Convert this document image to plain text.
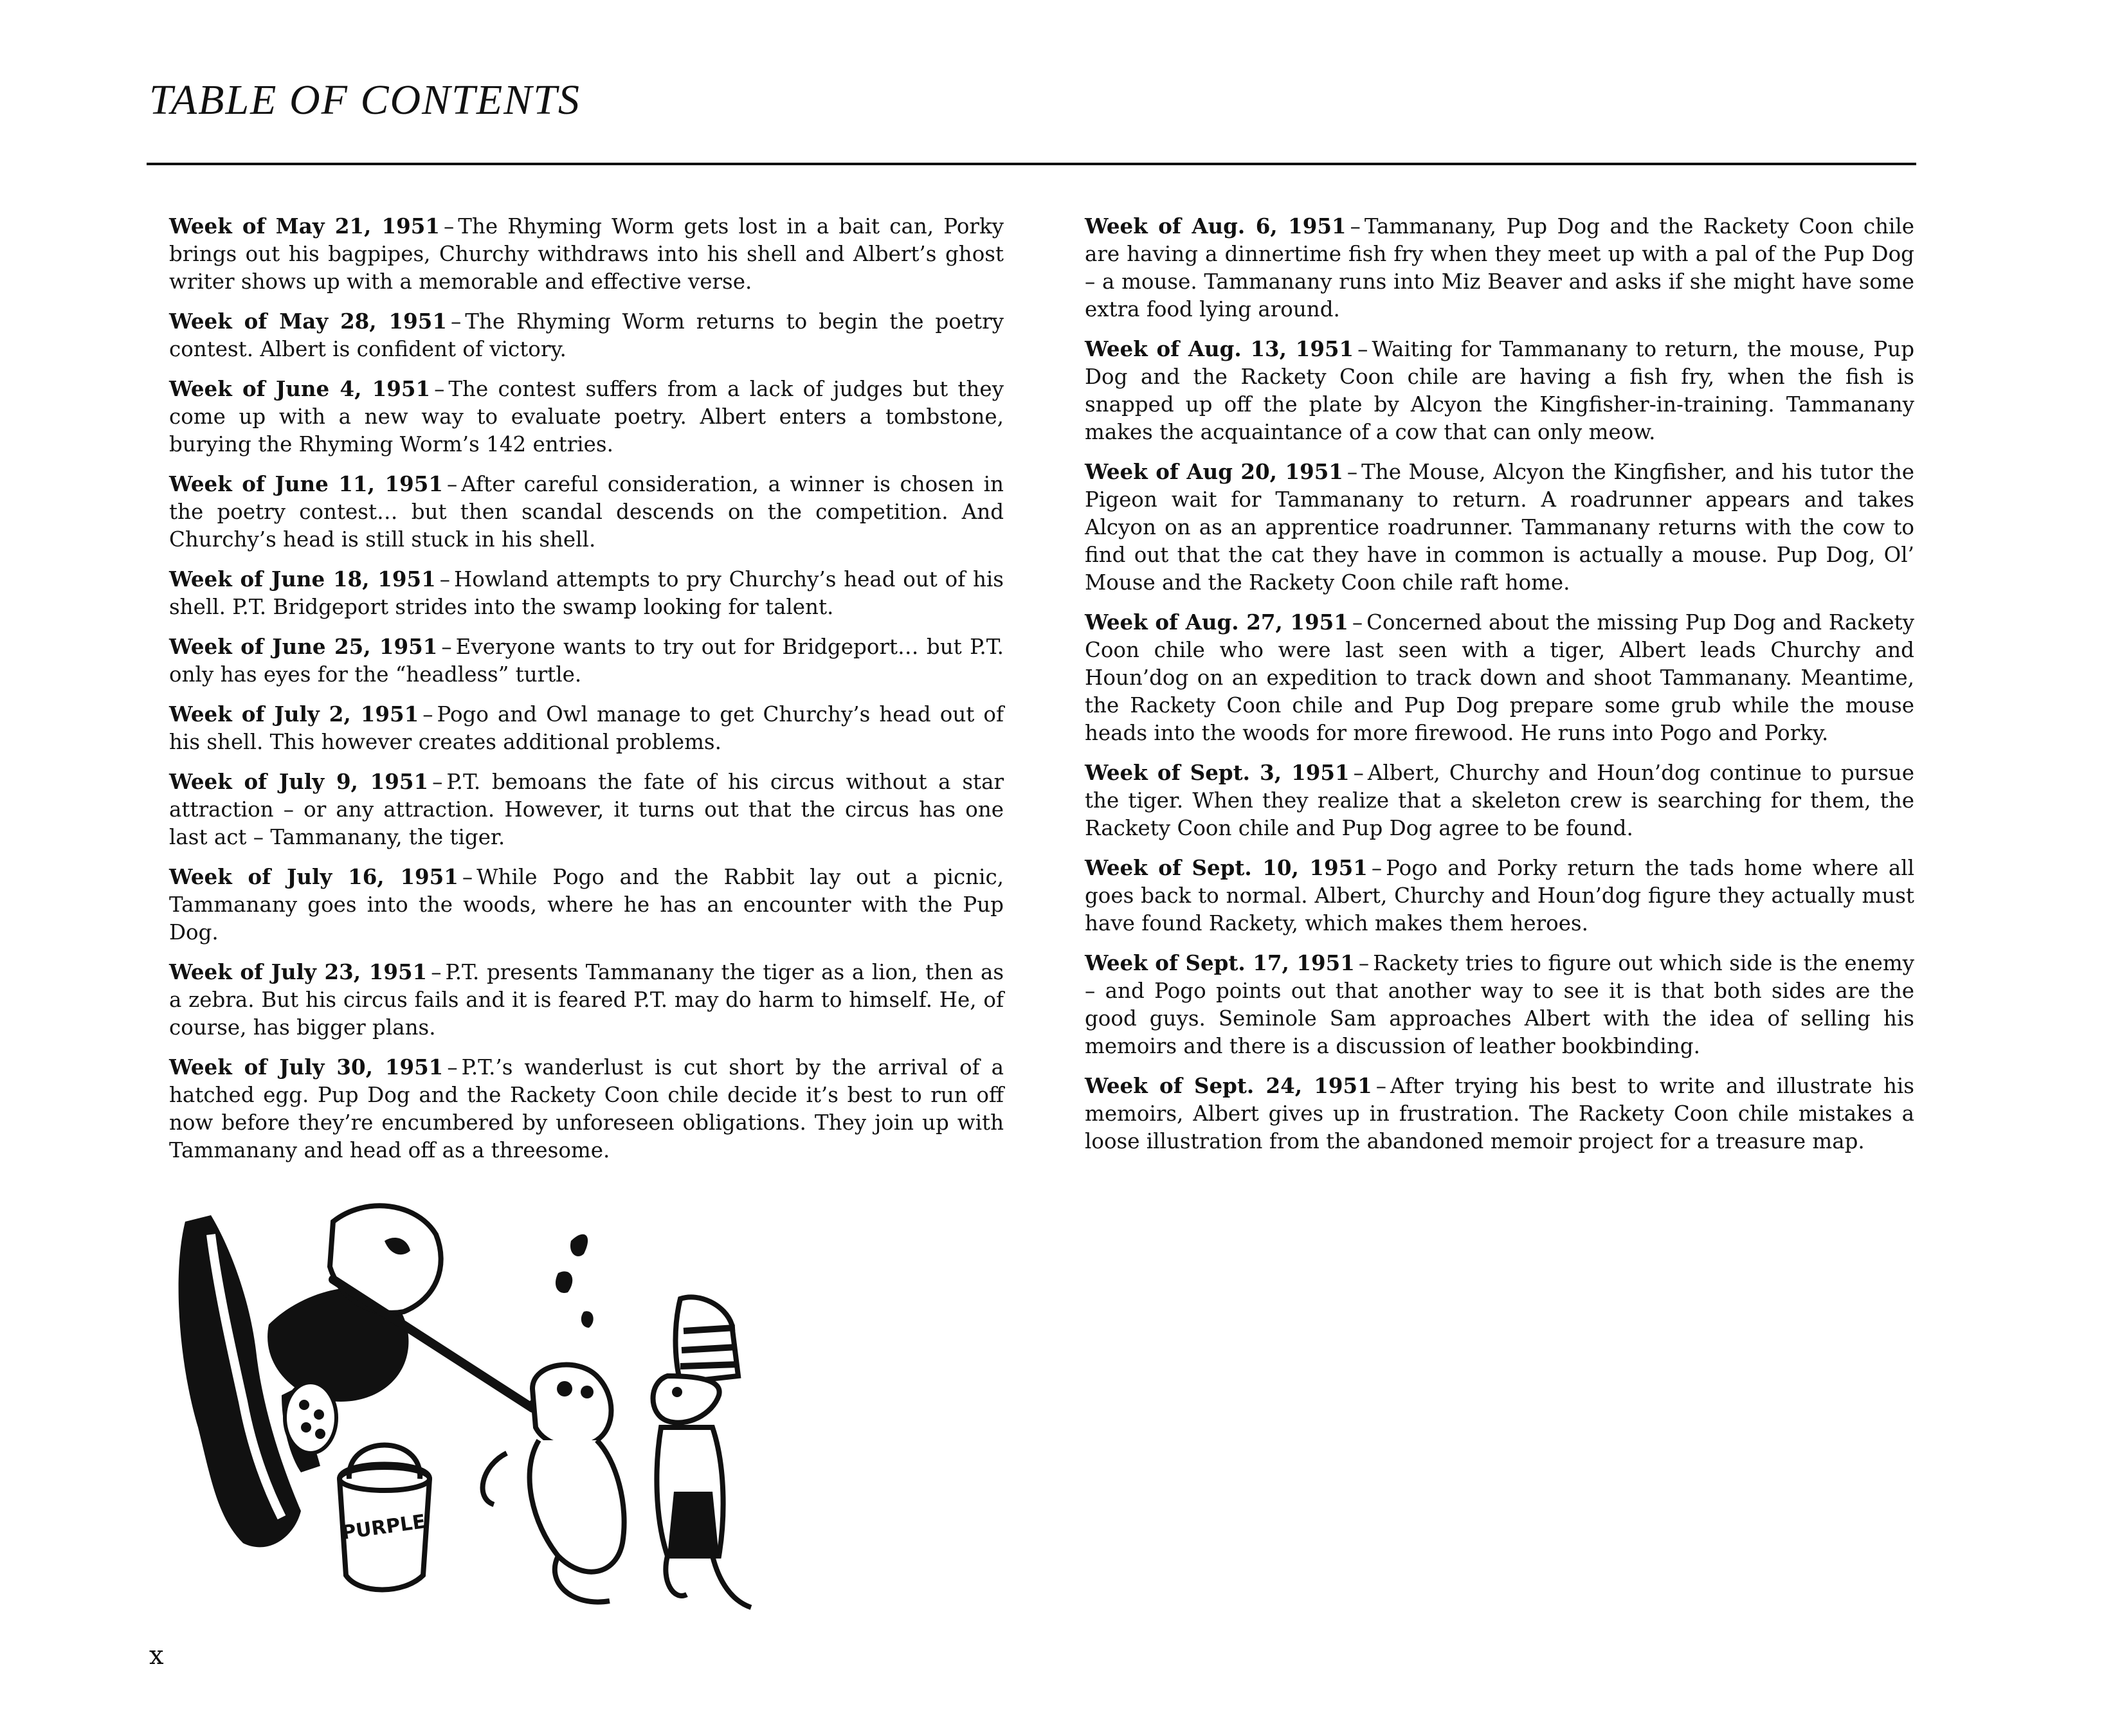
TABLE OF CONTENTS

Week of May 21, 1951 – The Rhyming Worm gets lost in a bait can, Porky brings out his bagpipes, Churchy withdraws into his shell and Albert’s ghost writer shows up with a memorable and effective verse.

Week of May 28, 1951 – The Rhyming Worm returns to begin the poetry contest. Albert is confident of victory.

Week of June 4, 1951 – The contest suffers from a lack of judges but they come up with a new way to evaluate poetry. Albert enters a tombstone, burying the Rhyming Worm’s 142 entries.

Week of June 11, 1951 – After careful consideration, a winner is chosen in the poetry contest… but then scandal descends on the competition. And Churchy’s head is still stuck in his shell.

Week of June 18, 1951 – Howland attempts to pry Churchy’s head out of his shell. P.T. Bridgeport strides into the swamp looking for talent.

Week of June 25, 1951 – Everyone wants to try out for Bridgeport… but P.T. only has eyes for the “headless” turtle.

Week of July 2, 1951 – Pogo and Owl manage to get Churchy’s head out of his shell. This however creates additional problems.

Week of July 9, 1951 – P.T. bemoans the fate of his circus without a star attraction – or any attraction. However, it turns out that the circus has one last act – Tammanany, the tiger.

Week of July 16, 1951 – While Pogo and the Rabbit lay out a picnic, Tammanany goes into the woods, where he has an encounter with the Pup Dog.

Week of July 23, 1951 – P.T. presents Tammanany the tiger as a lion, then as a zebra. But his circus fails and it is feared P.T. may do harm to himself. He, of course, has bigger plans.

Week of July 30, 1951 – P.T.’s wanderlust is cut short by the arrival of a hatched egg. Pup Dog and the Rackety Coon chile decide it’s best to run off now before they’re encumbered by unforeseen obligations. They join up with Tammanany and head off as a threesome.

Week of Aug. 6, 1951 – Tammanany, Pup Dog and the Rackety Coon chile are having a dinnertime fish fry when they meet up with a pal of the Pup Dog – a mouse. Tammanany runs into Miz Beaver and asks if she might have some extra food lying around.

Week of Aug. 13, 1951 – Waiting for Tammanany to return, the mouse, Pup Dog and the Rackety Coon chile are having a fish fry, when the fish is snapped up off the plate by Alcyon the Kingfisher-in-training. Tammanany makes the acquaintance of a cow that can only meow.

Week of Aug 20, 1951 – The Mouse, Alcyon the Kingfisher, and his tutor the Pigeon wait for Tammanany to return. A roadrunner appears and takes Alcyon on as an apprentice roadrunner. Tammanany returns with the cow to find out that the cat they have in common is actually a mouse. Pup Dog, Ol’ Mouse and the Rackety Coon chile raft home.

Week of Aug. 27, 1951 – Concerned about the missing Pup Dog and Rackety Coon chile who were last seen with a tiger, Albert leads Churchy and Houn’dog on an expedition to track down and shoot Tammanany. Meantime, the Rackety Coon chile and Pup Dog prepare some grub while the mouse heads into the woods for more firewood. He runs into Pogo and Porky.

Week of Sept. 3, 1951 – Albert, Churchy and Houn’dog continue to pursue the tiger. When they realize that a skeleton crew is searching for them, the Rackety Coon chile and Pup Dog agree to be found.

Week of Sept. 10, 1951 – Pogo and Porky return the tads home where all goes back to normal. Albert, Churchy and Houn’dog figure they actually must have found Rackety, which makes them heroes.

Week of Sept. 17, 1951 – Rackety tries to figure out which side is the enemy – and Pogo points out that another way to see it is that both sides are the good guys. Seminole Sam approaches Albert with the idea of selling his memoirs and there is a discussion of leather bookbinding.

Week of Sept. 24, 1951 – After trying his best to write and illustrate his memoirs, Albert gives up in frustration. The Rackety Coon chile mistakes a loose illustration from the abandoned memoir project for a treasure map.

PURPLE
x
